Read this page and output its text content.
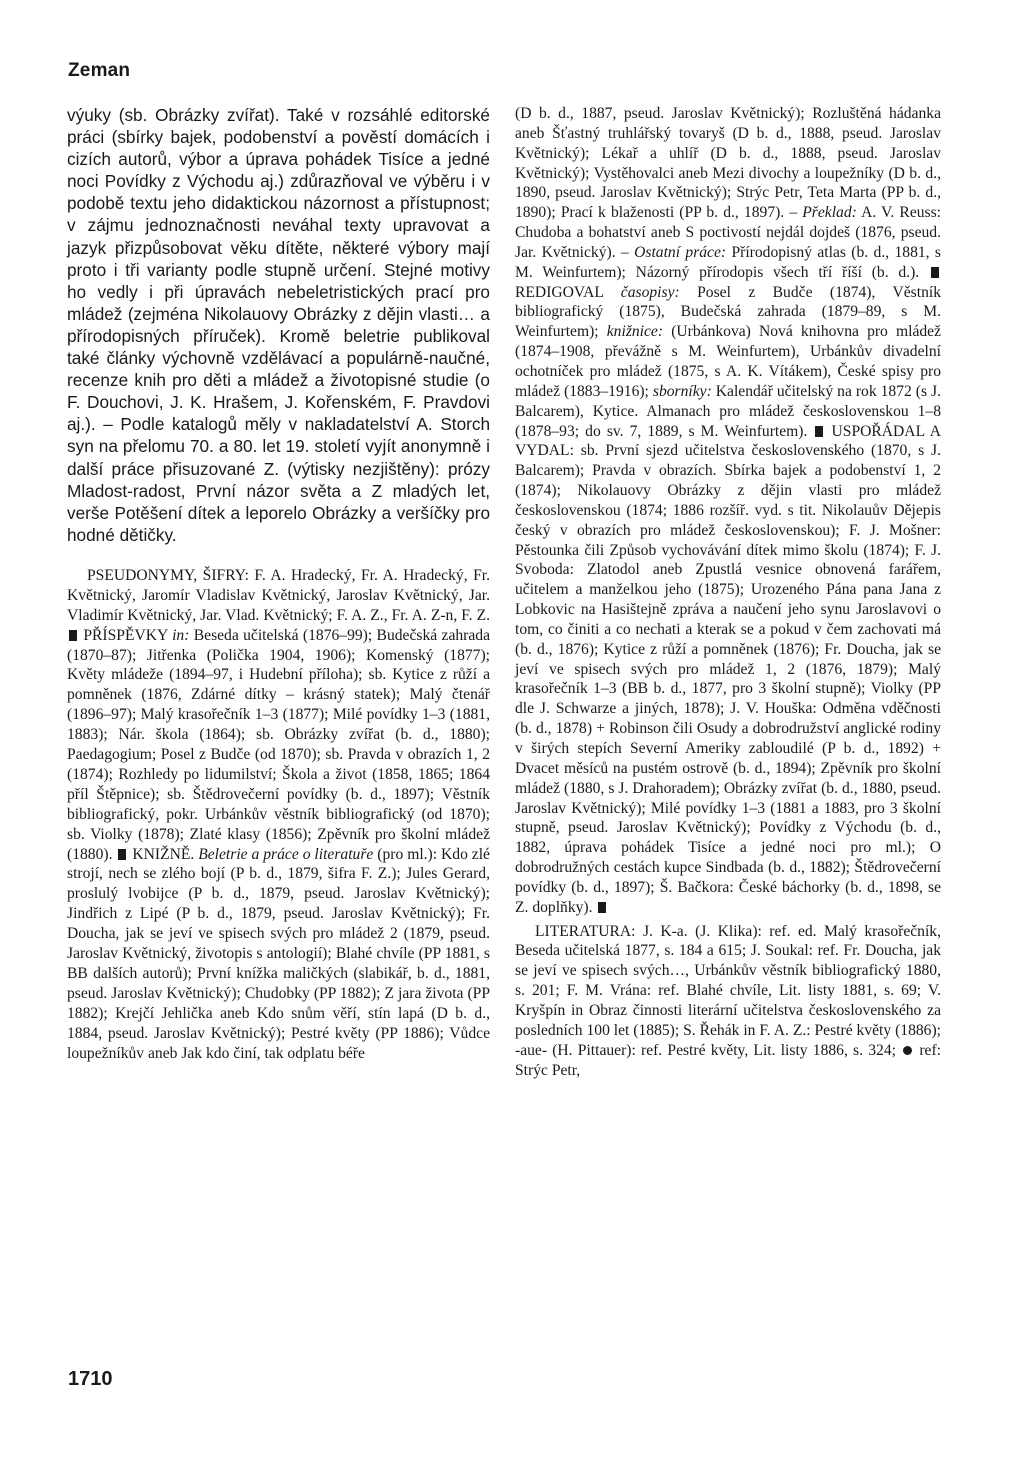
Zeman

výuky (sb. Obrázky zvířat). Také v rozsáhlé editorské práci (sbírky bajek, podobenství a pověstí domácích i cizích autorů, výbor a úprava pohádek Tisíce a jedné noci Povídky z Východu aj.) zdůrazňoval ve výběru i v podobě textu jeho didaktickou názornost a přístupnost; v zájmu jednoznačnosti neváhal texty upravovat a jazyk přizpůsobovat věku dítěte, některé výbory mají proto i tři varianty podle stupně určení. Stejné motivy ho vedly i při úpravách nebeletristických prací pro mládež (zejména Nikolauovy Obrázky z dějin vlasti… a přírodopisných příruček). Kromě beletrie publikoval také články výchovně vzdělávací a populárně-naučné, recenze knih pro děti a mládež a životopisné studie (o F. Douchovi, J. K. Hrašem, J. Kořenském, F. Pravdovi aj.). – Podle katalogů měly v nakladatelství A. Storch syn na přelomu 70. a 80. let 19. století vyjít anonymně i další práce přisuzované Z. (výtisky nezjištěny): prózy Mladost-radost, První názor světa a Z mladých let, verše Potěšení dítek a leporelo Obrázky a veršíčky pro hodné dětičky.

PSEUDONYMY, ŠIFRY: F. A. Hradecký, Fr. A. Hradecký, Fr. Květnický, Jaromír Vladislav Květnický, Jaroslav Květnický, Jar. Vladimír Květnický, Jar. Vlad. Květnický; F. A. Z., Fr. A. Z-n, F. Z.  PŘÍSPĚVKY in: Beseda učitelská (1876–99); Budečská zahrada (1870–87); Jitřenka (Polička 1904, 1906); Komenský (1877); Květy mládeže (1894–97, i Hudební příloha); sb. Kytice z růží a pomněnek (1876, Zdárné dítky – krásný statek); Malý čtenář (1896–97); Malý krasořečník 1–3 (1877); Milé povídky 1–3 (1881, 1883); Nár. škola (1864); sb. Obrázky zvířat (b. d., 1880); Paedagogium; Posel z Budče (od 1870); sb. Pravda v obrazích 1, 2 (1874); Rozhledy po lidumilství; Škola a život (1858, 1865; 1864 příl Štěpnice); sb. Štědrovečerní povídky (b. d., 1897); Věstník bibliografický, pokr. Urbánkův věstník bibliografický (od 1870); sb. Violky (1878); Zlaté klasy (1856); Zpěvník pro školní mládež (1880). KNIŽNĚ. Beletrie a práce o literatuře (pro ml.): Kdo zlé strojí, nech se zlého bojí (P b. d., 1879, šifra F. Z.); Jules Gerard, proslulý lvobijce (P b. d., 1879, pseud. Jaroslav Květnický); Jindřich z Lipé (P b. d., 1879, pseud. Jaroslav Květnický); Fr. Doucha, jak se jeví ve spisech svých pro mládež 2 (1879, pseud. Jaroslav Květnický, životopis s antologií); Blahé chvíle (PP 1881, s BB dalších autorů); První knížka maličkých (slabikář, b. d., 1881, pseud. Jaroslav Květnický); Chudobky (PP 1882); Z jara života (PP 1882); Krejčí Jehlička aneb Kdo snům věří, stín lapá (D b. d., 1884, pseud. Jaroslav Květnický); Pestré květy (PP 1886); Vůdce loupežníkův aneb Jak kdo činí, tak odplatu béře

(D b. d., 1887, pseud. Jaroslav Květnický); Rozluštěná hádanka aneb Šťastný truhlářský tovaryš (D b. d., 1888, pseud. Jaroslav Květnický); Lékař a uhlíř (D b. d., 1888, pseud. Jaroslav Květnický); Vystěhovalci aneb Mezi divochy a loupežníky (D b. d., 1890, pseud. Jaroslav Květnický); Strýc Petr, Teta Marta (PP b. d., 1890); Prací k blaženosti (PP b. d., 1897). – Překlad: A. V. Reuss: Chudoba a bohatství aneb S poctivostí nejdál dojdeš (1876, pseud. Jar. Květnický). – Ostatní práce: Přírodopisný atlas (b. d., 1881, s M. Weinfurtem); Názorný přírodopis všech tří říší (b. d.).  REDIGOVAL časopisy: Posel z Budče (1874), Věstník bibliografický (1875), Budečská zahrada (1879–89, s M. Weinfurtem); knižnice: (Urbánkova) Nová knihovna pro mládež (1874–1908, převážně s M. Weinfurtem), Urbánkův divadelní ochotníček pro mládež (1875, s A. K. Vítákem), České spisy pro mládež (1883–1916); sborníky: Kalendář učitelský na rok 1872 (s J. Balcarem), Kytice. Almanach pro mládež československou 1–8 (1878–93; do sv. 7, 1889, s M. Weinfurtem). USPOŘÁDAL A VYDAL: sb. První sjezd učitelstva československého (1870, s J. Balcarem); Pravda v obrazích. Sbírka bajek a podobenství 1, 2 (1874); Nikolauovy Obrázky z dějin vlasti pro mládež československou (1874; 1886 rozšíř. vyd. s tit. Nikolauův Dějepis český v obrazích pro mládež československou); F. J. Mošner: Pěstounka čili Způsob vychovávání dítek mimo školu (1874); F. J. Svoboda: Zlatodol aneb Zpustlá vesnice obnovená farářem, učitelem a manželkou jeho (1875); Urozeného Pána pana Jana z Lobkovic na Hasištejně zpráva a naučení jeho synu Jaroslavovi o tom, co činiti a co nechati a kterak se a pokud v čem zachovati má (b. d., 1876); Kytice z růží a pomněnek (1876); Fr. Doucha, jak se jeví ve spisech svých pro mládež 1, 2 (1876, 1879); Malý krasořečník 1–3 (BB b. d., 1877, pro 3 školní stupně); Violky (PP dle J. Schwarze a jiných, 1878); J. V. Houška: Odměna vděčnosti (b. d., 1878) + Robinson čili Osudy a dobrodružství anglické rodiny v širých stepích Severní Ameriky zabloudilé (P b. d., 1892) + Dvacet měsíců na pustém ostrově (b. d., 1894); Zpěvník pro školní mládež (1880, s J. Drahoradem); Obrázky zvířat (b. d., 1880, pseud. Jaroslav Květnický); Milé povídky 1–3 (1881 a 1883, pro 3 školní stupně, pseud. Jaroslav Květnický); Povídky z Východu (b. d., 1882, úprava pohádek Tisíce a jedné noci pro ml.); O dobrodružných cestách kupce Sindbada (b. d., 1882); Štědrovečerní povídky (b. d., 1897); Š. Bačkora: České báchorky (b. d., 1898, se Z. doplňky).

LITERATURA: J. K-a. (J. Klika): ref. ed. Malý krasořečník, Beseda učitelská 1877, s. 184 a 615; J. Soukal: ref. Fr. Doucha, jak se jeví ve spisech svých…, Urbánkův věstník bibliografický 1880, s. 201; F. M. Vrána: ref. Blahé chvíle, Lit. listy 1881, s. 69; V. Kryšpín in Obraz činnosti literární učitelstva československého za posledních 100 let (1885); S. Řehák in F. A. Z.: Pestré květy (1886); -aue- (H. Pittauer): ref. Pestré květy, Lit. listy 1886, s. 324; ref: Strýc Petr,

1710
